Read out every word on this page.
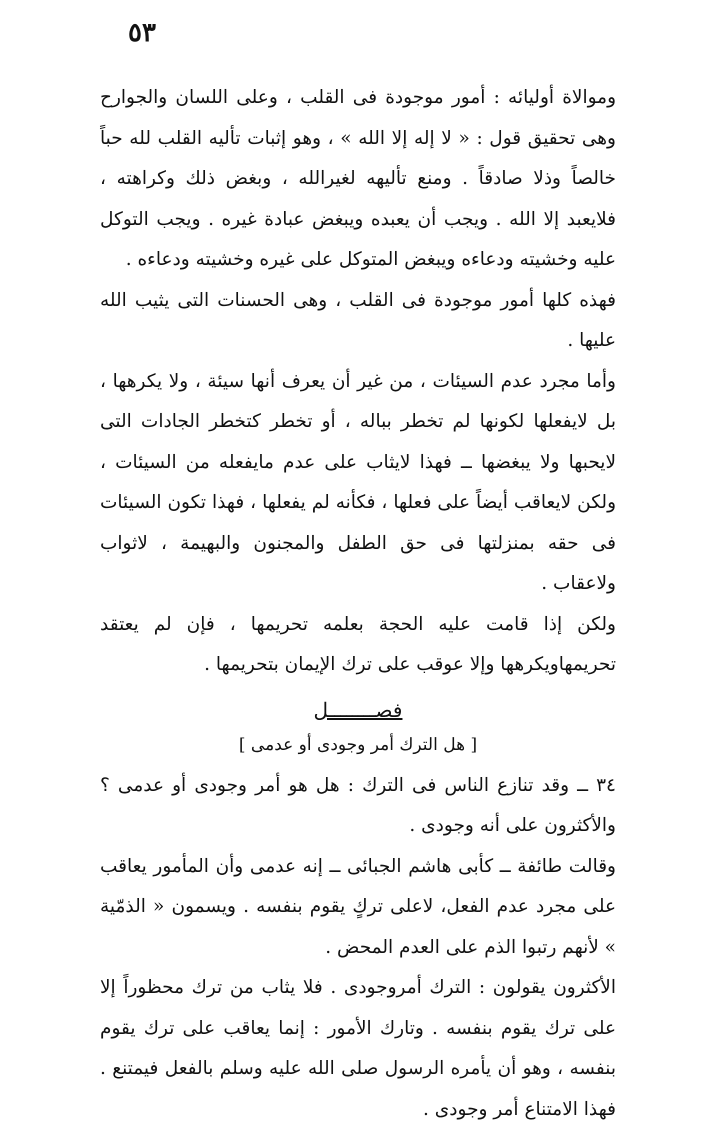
٥٣

وموالاة أوليائه : أمور موجودة فى القلب ، وعلى اللسان والجوارح وهى تحقيق قول : « لا إله إلا الله » ، وهو إثبات تأليه القلب لله حباً خالصاً وذلا صادقاً . ومنع تأليهه لغيرالله ، وبغض ذلك وكراهته ، فلايعبد إلا الله . ويجب أن يعبده ويبغض عبادة غيره . ويجب التوكل عليه وخشيته ودعاءه ويبغض المتوكل على غيره وخشيته ودعاءه .

فهذه كلها أمور موجودة فى القلب ، وهى الحسنات التى يثيب الله عليها .

وأما مجرد عدم السيئات ، من غير أن يعرف أنها سيئة ، ولا يكرهها ، بل لايفعلها لكونها لم تخطر بباله ، أو تخطر كتخطر الجادات التى لايحبها ولا يبغضها ــ فهذا لايثاب على عدم مايفعله من السيئات ، ولكن لايعاقب أيضاً على فعلها ، فكأنه لم يفعلها ، فهذا تكون السيئات فى حقه بمنزلتها فى حق الطفل والمجنون والبهيمة ، لاثواب ولاعقاب .

ولكن إذا قامت عليه الحجة بعلمه تحريمها ، فإن لم يعتقد تحريمهاويكرهها وإلا عوقب على ترك الإيمان بتحريمها .

فصــــــــل
[ هل الترك أمر وجودى أو عدمى ]

٣٤ ــ وقد تنازع الناس فى الترك : هل هو أمر وجودى أو عدمى ؟ والأكثرون على أنه وجودى .

وقالت طائفة ــ كأبى هاشم الجبائى ــ إنه عدمى وأن المأمور يعاقب على مجرد عدم الفعل، لاعلى تركٍ يقوم بنفسه . ويسمون « الذمّية » لأنهم رتبوا الذم على العدم المحض .

الأكثرون يقولون : الترك أمروجودى . فلا يثاب من ترك محظوراً إلا على ترك يقوم بنفسه . وتارك الأمور : إنما يعاقب على ترك يقوم بنفسه ، وهو أن يأمره الرسول صلى الله عليه وسلم بالفعل فيمتنع . فهذا الامتناع أمر وجودى .
